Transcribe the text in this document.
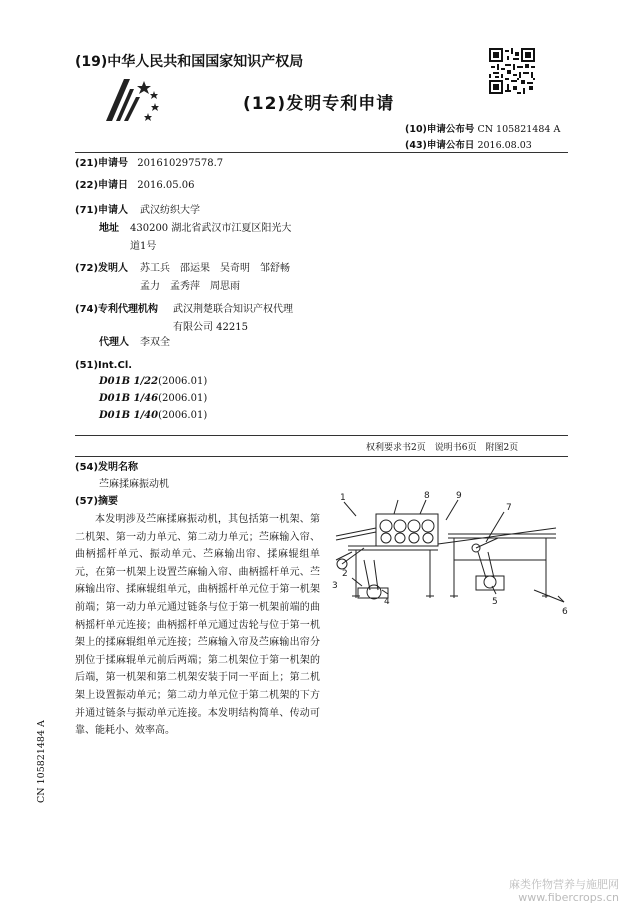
(19)中华人民共和国国家知识产权局
(12)发明专利申请
(10)申请公布号 CN 105821484 A
(43)申请公布日 2016.08.03
(21)申请号 201610297578.7
(22)申请日 2016.05.06
(71)申请人 武汉纺织大学
地址 430200 湖北省武汉市江夏区阳光大
道1号
(72)发明人 苏工兵　邵运果　吴奇明　邹舒畅
孟力　孟秀萍　周思雨
(74)专利代理机构 武汉荆楚联合知识产权代理
有限公司 42215
代理人 李双全
(51)Int.Cl.
D01B 1/22(2006.01)
D01B 1/46(2006.01)
D01B 1/40(2006.01)
权利要求书2页　说明书6页　附图2页
(54)发明名称
苎麻揉麻振动机
(57)摘要
本发明涉及苎麻揉麻振动机，其包括第一机架、第二机架、第一动力单元、第二动力单元；苎麻输入帘、曲柄摇杆单元、振动单元、苎麻输出帘、揉麻辊组单元，在第一机架上设置苎麻输入帘、曲柄摇杆单元、苎麻输出帘、揉麻辊组单元，曲柄摇杆单元位于第一机架前端；第一动力单元通过链条与位于第一机架前端的曲柄摇杆单元连接；曲柄摇杆单元通过齿轮与位于第一机架上的揉麻辊组单元连接；苎麻输入帘及苎麻输出帘分别位于揉麻辊单元前后两端；第二机架位于第一机架的后端，第一机架和第二机架安装于同一平面上；第二机架上设置振动单元；第二动力单元位于第二机架的下方并通过链条与振动单元连接。本发明结构简单、传动可靠、能耗小、效率高。
1
2
3
4	5
6
7
8	9
CN 105821484 A
麻类作物营养与施肥网
www.fibercrops.cn
